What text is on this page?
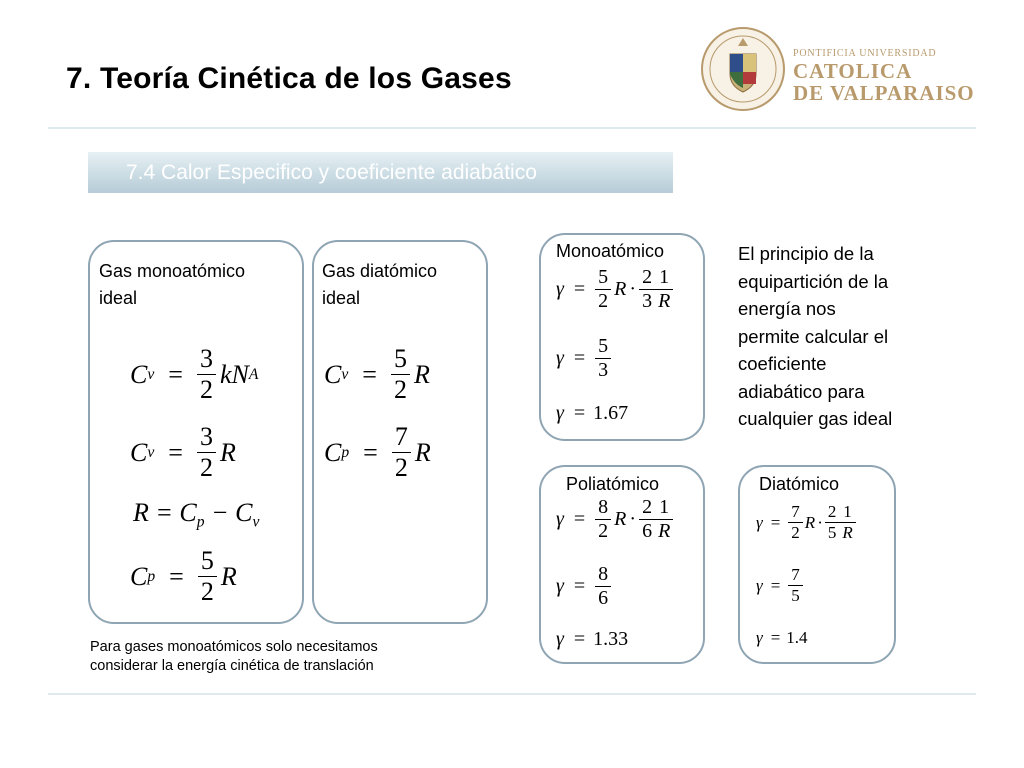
7. Teoría Cinética de los Gases
PONTIFICIA UNIVERSIDAD
CATOLICA
DE VALPARAISO
7.4 Calor Especifico y coeficiente adiabático
Gas monoatómico
ideal
C $v = \frac{3}{2}$ kN A
C $v = \frac{3}{2}$ R
$R = C_p - C_v$
C $p = \frac{5}{2}$ R
Gas diatómico
ideal
C $v = \frac{5}{2}$ R
C $p = \frac{7}{2}$ R
Para gases monoatómicos solo necesitamos
considerar la energía cinética de translación
Monoatómico
$\gamma = \frac{5}{2}$ $R \cdot \frac{2}{3} \frac{1}{R}$
$\gamma = \frac{5}{3}$
γ = 1.67
El principio de la
equipartición de la
energía nos
permite calcular el
coeficiente
adiabático para
cualquier gas ideal
Poliatómico
$\gamma = \frac{8}{2}$ $R \cdot \frac{2}{6} \frac{1}{R}$
$\gamma = \frac{8}{6}$
γ = 1.33
Diatómico
$\gamma = \frac{7}{2}$ $R \cdot \frac{2}{5} \frac{1}{R}$
$\gamma = \frac{7}{5}$
γ = 1.4
